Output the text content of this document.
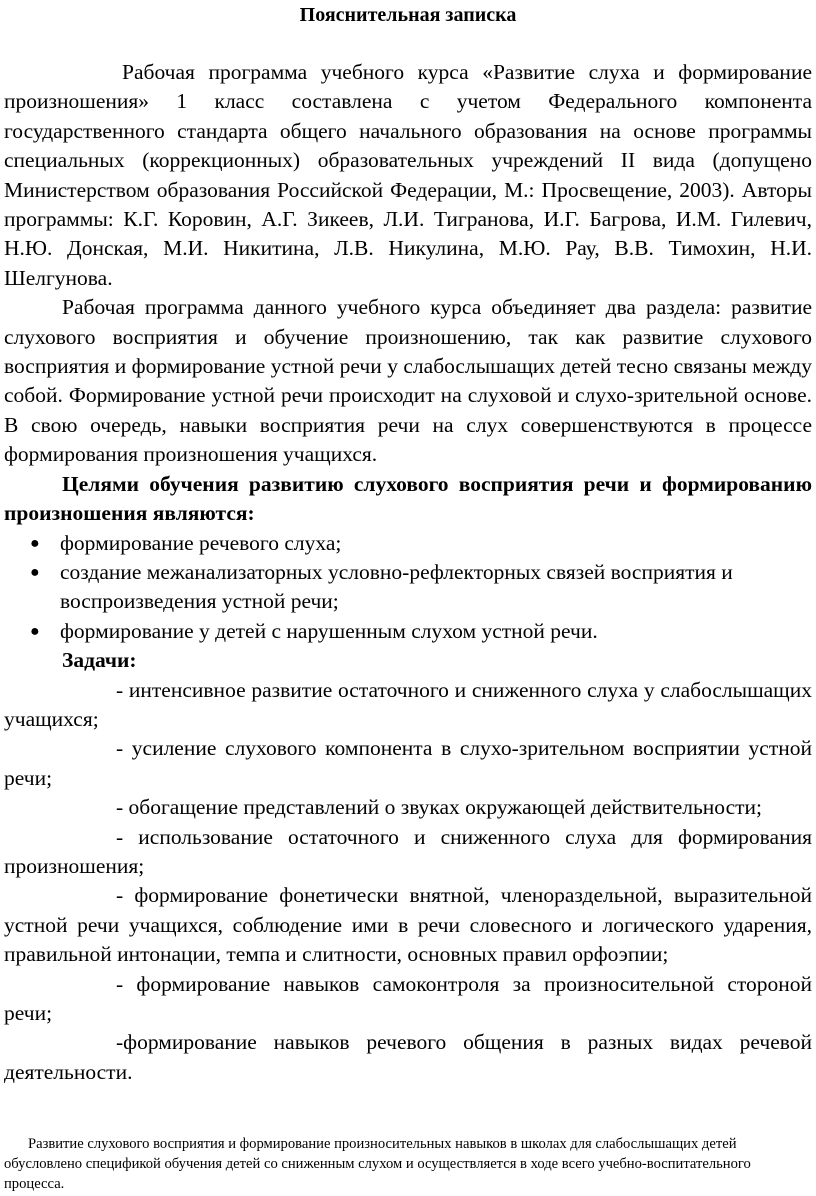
Пояснительная записка

Рабочая программа учебного курса «Развитие слуха и формирование произношения» 1 класс составлена с учетом Федерального компонента государственного стандарта общего начального образования на основе программы специальных (коррекционных) образовательных учреждений II вида (допущено Министерством образования Российской Федерации, М.: Просвещение, 2003). Авторы программы: К.Г. Коровин, А.Г. Зикеев, Л.И. Тигранова, И.Г. Багрова, И.М. Гилевич, Н.Ю. Донская, М.И. Никитина, Л.В. Никулина, М.Ю. Рау, В.В. Тимохин, Н.И. Шелгунова.

Рабочая программа данного учебного курса объединяет два раздела: развитие слухового восприятия и обучение произношению, так как развитие слухового восприятия и формирование устной речи у слабослышащих детей тесно связаны между собой. Формирование устной речи происходит на слуховой и слухо-зрительной основе. В свою очередь, навыки восприятия речи на слух совершенствуются в процессе формирования произношения учащихся.

Целями обучения развитию слухового восприятия речи и формированию произношения являются:

● формирование речевого слуха;
● создание межанализаторных условно-рефлекторных связей восприятия и воспроизведения устной речи;
● формирование у детей с нарушенным слухом устной речи.

Задачи:

- интенсивное развитие остаточного и сниженного слуха у слабослышащих учащихся;

- усиление слухового компонента в слухо-зрительном восприятии устной речи;

- обогащение представлений о звуках окружающей действительности;

- использование остаточного и сниженного слуха для формирования произношения;

- формирование фонетически внятной, членораздельной, выразительной устной речи учащихся, соблюдение ими в речи словесного и логического ударения, правильной интонации, темпа и слитности, основных правил орфоэпии;

- формирование навыков самоконтроля за произносительной стороной речи;

-формирование навыков речевого общения в разных видах речевой деятельности.

Развитие слухового восприятия и формирование произносительных навыков в школах для слабослышащих детей обусловлено спецификой обучения детей со сниженным слухом и осуществляется в ходе всего учебно-воспитательного процесса.
